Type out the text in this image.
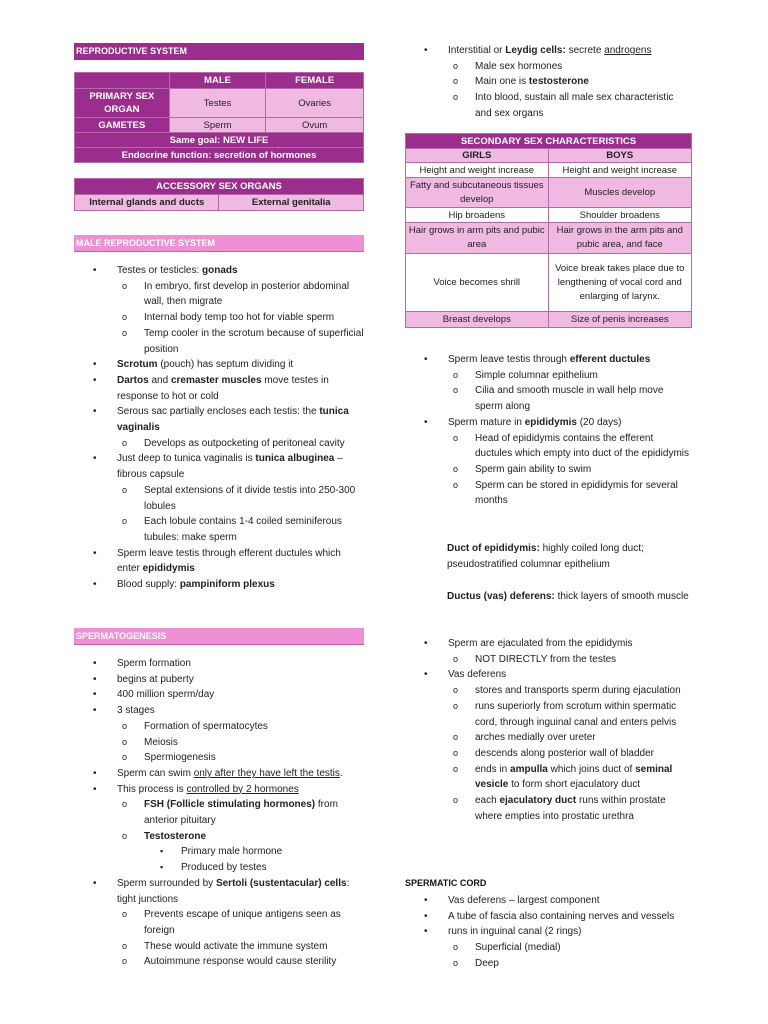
REPRODUCTIVE SYSTEM
	MALE	FEMALE
PRIMARY SEX ORGAN	Testes	Ovaries
GAMETES	Sperm	Ovum
Same goal: NEW LIFE		
Endocrine function: secretion of hormones		
ACCESSORY SEX ORGANS
Internal glands and ducts	External genitalia
MALE REPRODUCTIVE SYSTEM
• Testes or testicles: gonads
o In embryo, first develop in posterior abdominal wall, then migrate
o Internal body temp too hot for viable sperm
o Temp cooler in the scrotum because of superficial position
• Scrotum (pouch) has septum dividing it
• Dartos and cremaster muscles move testes in response to hot or cold
• Serous sac partially encloses each testis: the tunica vaginalis
o Develops as outpocketing of peritoneal cavity
• Just deep to tunica vaginalis is tunica albuginea – fibrous capsule
o Septal extensions of it divide testis into 250-300 lobules
o Each lobule contains 1-4 coiled seminiferous tubules: make sperm
• Sperm leave testis through efferent ductules which enter epididymis
• Blood supply: pampiniform plexus
SPERMATOGENESIS
• Sperm formation
• begins at puberty
• 400 million sperm/day
• 3 stages
o Formation of spermatocytes
o Meiosis
o Spermiogenesis
• Sperm can swim only after they have left the testis.
• This process is controlled by 2 hormones
o FSH (Follicle stimulating hormones) from anterior pituitary
o Testosterone
▪ Primary male hormone
▪ Produced by testes
• Sperm surrounded by Sertoli (sustentacular) cells: tight junctions
o Prevents escape of unique antigens seen as foreign
o These would activate the immune system
o Autoimmune response would cause sterility
• Interstitial or Leydig cells: secrete androgens
o Male sex hormones
o Main one is testosterone
o Into blood, sustain all male sex characteristic and sex organs
SECONDARY SEX CHARACTERISTICS	
GIRLS	BOYS
Height and weight increase	Height and weight increase
Fatty and subcutaneous tissues develop	Muscles develop
Hip broadens	Shoulder broadens
Hair grows in arm pits and pubic area	Hair grows in the arm pits and pubic area, and face
Voice becomes shrill	Voice break takes place due to lengthening of vocal cord and enlarging of larynx.
Breast develops	Size of penis increases
• Sperm leave testis through efferent ductules
o Simple columnar epithelium
o Cilia and smooth muscle in wall help move sperm along
• Sperm mature in epididymis (20 days)
o Head of epididymis contains the efferent ductules which empty into duct of the epididymis
o Sperm gain ability to swim
o Sperm can be stored in epididymis for several months
Duct of epididymis: highly coiled long duct; pseudostratified columnar epithelium
Ductus (vas) deferens: thick layers of smooth muscle
• Sperm are ejaculated from the epididymis
o NOT DIRECTLY from the testes
• Vas deferens
o stores and transports sperm during ejaculation
o runs superiorly from scrotum within spermatic cord, through inguinal canal and enters pelvis
o arches medially over ureter
o descends along posterior wall of bladder
o ends in ampulla which joins duct of seminal vesicle to form short ejaculatory duct
o each ejaculatory duct runs within prostate where empties into prostatic urethra
SPERMATIC CORD
• Vas deferens – largest component
• A tube of fascia also containing nerves and vessels
• runs in inguinal canal (2 rings)
o Superficial (medial)
o Deep
